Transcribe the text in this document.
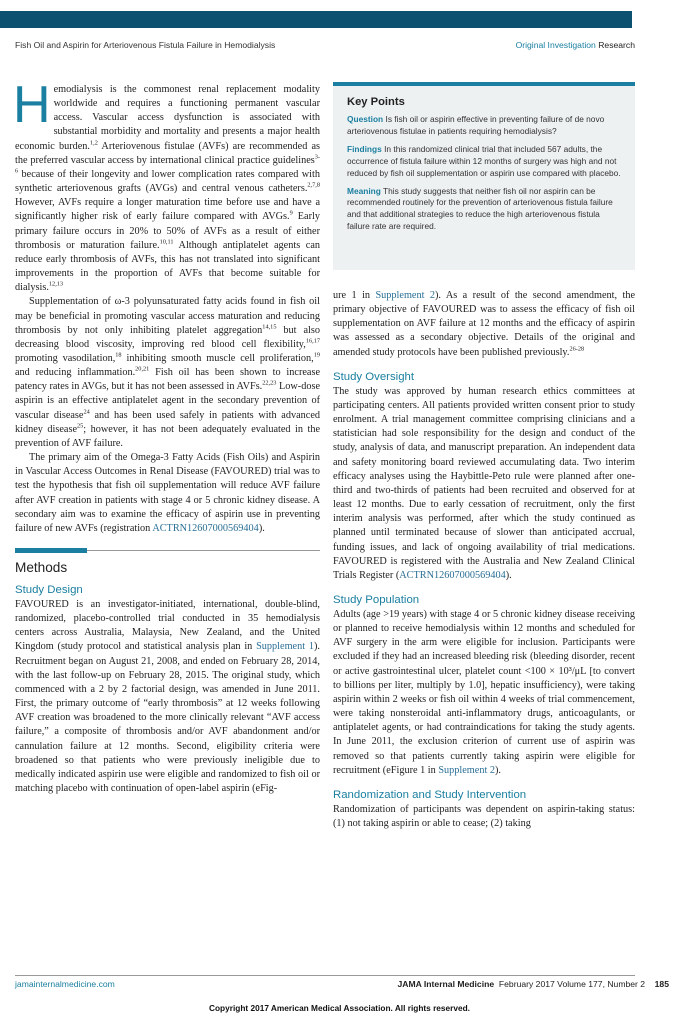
Fish Oil and Aspirin for Arteriovenous Fistula Failure in Hemodialysis	Original Investigation Research

Hemodialysis is the commonest renal replacement modality worldwide and requires a functioning permanent vascular access. Vascular access dysfunction is associated with substantial morbidity and mortality and presents a major health economic burden.$^{1,2}$ Arteriovenous fistulae (AVFs) are recommended as the preferred vascular access by international clinical practice guidelines$^{3-6}$ because of their longevity and lower complication rates compared with synthetic arteriovenous grafts (AVGs) and central venous catheters.$^{2,7,8}$ However, AVFs require a longer maturation time before use and have a significantly higher risk of early failure compared with AVGs.$^9$ Early primary failure occurs in 20% to 50% of AVFs as a result of either thrombosis or maturation failure.$^{10,11}$ Although antiplatelet agents can reduce early thrombosis of AVFs, this has not translated into significant improvements in the proportion of AVFs that become suitable for dialysis.$^{12,13}$

Supplementation of ω-3 polyunsaturated fatty acids found in fish oil may be beneficial in promoting vascular access maturation and reducing thrombosis by not only inhibiting platelet aggregation$^{14,15}$ but also decreasing blood viscosity, improving red blood cell flexibility,$^{16,17}$ promoting vasodilation,$^{18}$ inhibiting smooth muscle cell proliferation,$^{19}$ and reducing inflammation.$^{20,21}$ Fish oil has been shown to increase patency rates in AVGs, but it has not been assessed in AVFs.$^{22,23}$ Low-dose aspirin is an effective antiplatelet agent in the secondary prevention of vascular disease$^{24}$ and has been used safely in patients with advanced kidney disease$^{25}$; however, it has not been adequately evaluated in the prevention of AVF failure.

The primary aim of the Omega-3 Fatty Acids (Fish Oils) and Aspirin in Vascular Access Outcomes in Renal Disease (FAVOURED) trial was to test the hypothesis that fish oil supplementation will reduce AVF failure after AVF creation in patients with stage 4 or 5 chronic kidney disease. A secondary aim was to examine the efficacy of aspirin use in preventing failure of new AVFs (registration ACTRN12607000569404).

Methods
Study Design

FAVOURED is an investigator-initiated, international, double-blind, randomized, placebo-controlled trial conducted in 35 hemodialysis centers across Australia, Malaysia, New Zealand, and the United Kingdom (study protocol and statistical analysis plan in Supplement 1). Recruitment began on August 21, 2008, and ended on February 28, 2014, with the last follow-up on February 28, 2015. The original study, which commenced with a 2 by 2 factorial design, was amended in June 2011. First, the primary outcome of “early thrombosis” at 12 weeks following AVF creation was broadened to the more clinically relevant “AVF access failure,” a composite of thrombosis and/or AVF abandonment and/or cannulation failure at 12 months. Second, eligibility criteria were broadened so that patients who were previously ineligible due to medically indicated aspirin use were eligible and randomized to fish oil or matching placebo with continuation of open-label aspirin (eFig-

Key Points
Question Is fish oil or aspirin effective in preventing failure of de novo arteriovenous fistulae in patients requiring hemodialysis?
Findings In this randomized clinical trial that included 567 adults, the occurrence of fistula failure within 12 months of surgery was high and not reduced by fish oil supplementation or aspirin use compared with placebo.
Meaning This study suggests that neither fish oil nor aspirin can be recommended routinely for the prevention of arteriovenous fistula failure and that additional strategies to reduce the high arteriovenous fistula failure rate are required.

ure 1 in Supplement 2). As a result of the second amendment, the primary objective of FAVOURED was to assess the efficacy of fish oil supplementation on AVF failure at 12 months and the efficacy of aspirin was assessed as a secondary objective. Details of the original and amended study protocols have been published previously.$^{26-28}$

Study Oversight

The study was approved by human research ethics committees at participating centers. All patients provided written consent prior to study enrolment. A trial management committee comprising clinicians and a statistician had sole responsibility for the design and conduct of the study, analysis of data, and manuscript preparation. An independent data and safety monitoring board reviewed accumulating data. Two interim efficacy analyses using the Haybittle-Peto rule were planned after one-third and two-thirds of patients had been recruited and observed for at least 12 months. Due to early cessation of recruitment, only the first interim analysis was performed, after which the study continued as planned until terminated because of slower than anticipated accrual, funding issues, and lack of ongoing availability of trial medications. FAVOURED is registered with the Australia and New Zealand Clinical Trials Register (ACTRN12607000569404).

Study Population

Adults (age >19 years) with stage 4 or 5 chronic kidney disease receiving or planned to receive hemodialysis within 12 months and scheduled for AVF surgery in the arm were eligible for inclusion. Participants were excluded if they had an increased bleeding risk (bleeding disorder, recent or active gastrointestinal ulcer, platelet count <100 × 10³/μL [to convert to billions per liter, multiply by 1.0], hepatic insufficiency), were taking aspirin within 2 weeks or fish oil within 4 weeks of trial commencement, were taking nonsteroidal anti-inflammatory drugs, anticoagulants, or antiplatelet agents, or had contraindications for taking the study agents. In June 2011, the exclusion criterion of current use of aspirin was removed so that patients currently taking aspirin were eligible for recruitment (eFigure 1 in Supplement 2).

Randomization and Study Intervention

Randomization of participants was dependent on aspirin-taking status: (1) not taking aspirin or able to cease; (2) taking

jamainternalmedicine.com	JAMA Internal Medicine February 2017 Volume 177, Number 2 185
Copyright 2017 American Medical Association. All rights reserved.
